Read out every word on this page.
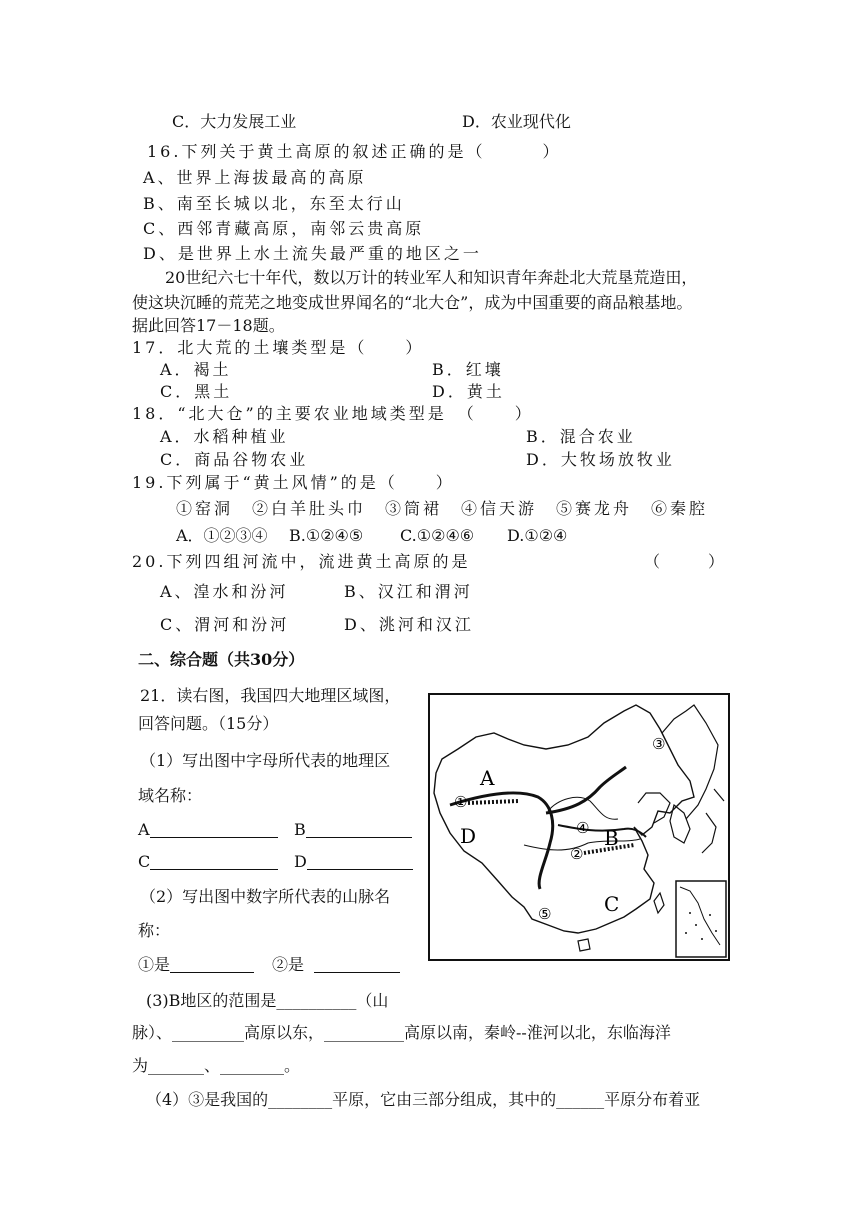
C．大力发展工业	D．农业现代化
16.下列关于黄土高原的叙述正确的是（　　　）
A、世界上海拔最高的高原
B、南至长城以北，东至太行山
C、西邻青藏高原，南邻云贵高原
D、是世界上水土流失最严重的地区之一
20世纪六七十年代，数以万计的转业军人和知识青年奔赴北大荒垦荒造田，
使这块沉睡的荒芜之地变成世界闻名的“北大仓”，成为中国重要的商品粮基地。
据此回答17－18题。
17．北大荒的土壤类型是（　　）
A．褐土	B．红壤
C．黑土	D．黄土
18．“北大仓”的主要农业地域类型是　（　　）
A．水稻种植业	B．混合农业
C．商品谷物农业	D．大牧场放牧业
19.下列属于“黄土风情”的是（　　）
①窑洞　②白羊肚头巾　③筒裙　④信天游　⑤赛龙舟　⑥秦腔
A．①②③④ B.①②④⑤ C.①②④⑥ D.①②④
20.下列四组河流中，流进黄土高原的是	（　　　）
A、湟水和汾河	B、汉江和渭河
C、渭河和汾河	D、洮河和汉江
二、综合题（共30分）
21．读右图，我国四大地理区域图，
回答问题。（15分）
（1）写出图中字母所代表的地理区
域名称：
A	B
C	D
（2）写出图中数字所代表的山脉名
称：
①是	②是
(3)B地区的范围是__________（山
脉）、_________高原以东，__________高原以南，秦岭--淮河以北，东临海洋
为_______、________。
（4）③是我国的________平原，它由三部分组成，其中的______平原分布着亚
A
B
C
D
①
②
③
④
⑤
